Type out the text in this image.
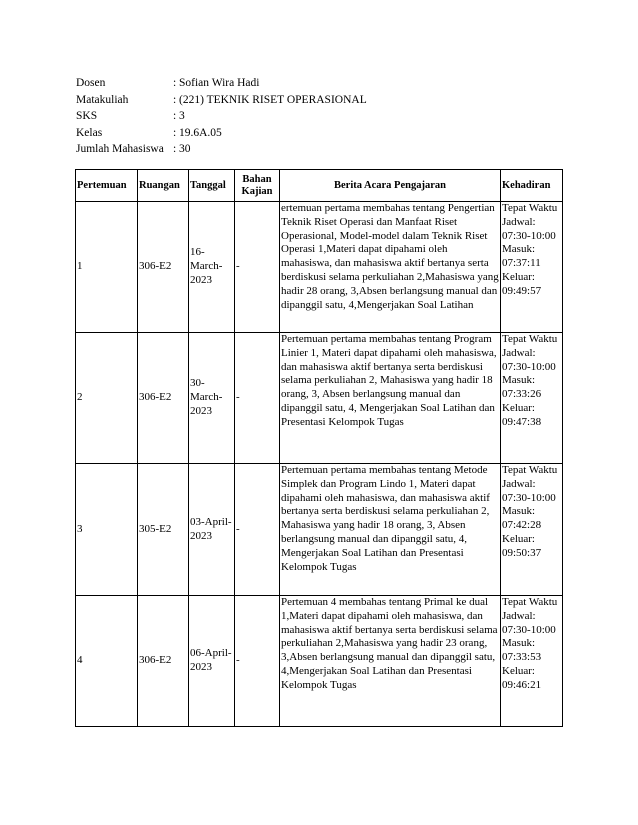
Dosen	: Sofian Wira Hadi
Matakuliah	: (221) TEKNIK RISET OPERASIONAL
SKS	: 3
Kelas	: 19.6A.05
Jumlah Mahasiswa : 30
Pertemuan	Ruangan	Tanggal	Bahan Kajian	Berita Acara Pengajaran	Kehadiran
1	306-E2	16-March-2023	-	ertemuan pertama membahas tentang Pengertian Teknik Riset Operasi dan Manfaat Riset Operasional, Model-model dalam Teknik Riset Operasi 1,Materi dapat dipahami oleh mahasiswa, dan mahasiswa aktif bertanya serta berdiskusi selama perkuliahan 2,Mahasiswa yang hadir 28 orang, 3,Absen berlangsung manual dan dipanggil satu, 4,Mengerjakan Soal Latihan	Tepat Waktu Jadwal: 07:30-10:00 Masuk: 07:37:11 Keluar: 09:49:57
2	306-E2	30-March-2023	-	Pertemuan pertama membahas tentang Program Linier 1, Materi dapat dipahami oleh mahasiswa, dan mahasiswa aktif bertanya serta berdiskusi selama perkuliahan 2, Mahasiswa yang hadir 18 orang, 3, Absen berlangsung manual dan dipanggil satu, 4, Mengerjakan Soal Latihan dan Presentasi Kelompok Tugas	Tepat Waktu Jadwal: 07:30-10:00 Masuk: 07:33:26 Keluar: 09:47:38
3	305-E2	03-April-2023	-	Pertemuan pertama membahas tentang Metode Simplek dan Program Lindo 1, Materi dapat dipahami oleh mahasiswa, dan mahasiswa aktif bertanya serta berdiskusi selama perkuliahan 2, Mahasiswa yang hadir 18 orang, 3, Absen berlangsung manual dan dipanggil satu, 4, Mengerjakan Soal Latihan dan Presentasi Kelompok Tugas	Tepat Waktu Jadwal: 07:30-10:00 Masuk: 07:42:28 Keluar: 09:50:37
4	306-E2	06-April-2023	-	Pertemuan 4 membahas tentang Primal ke dual 1,Materi dapat dipahami oleh mahasiswa, dan mahasiswa aktif bertanya serta berdiskusi selama perkuliahan 2,Mahasiswa yang hadir 23 orang, 3,Absen berlangsung manual dan dipanggil satu, 4,Mengerjakan Soal Latihan dan Presentasi Kelompok Tugas	Tepat Waktu Jadwal: 07:30-10:00 Masuk: 07:33:53 Keluar: 09:46:21
